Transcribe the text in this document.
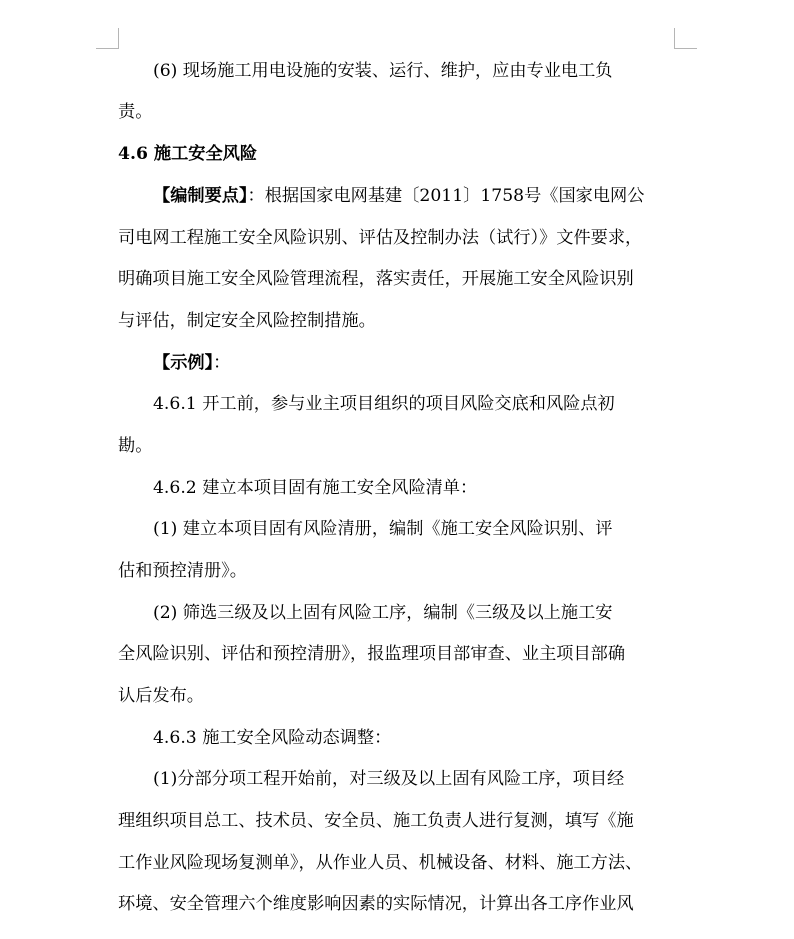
(6) 现场施工用电设施的安装、运行、维护，应由专业电工负
责。
4.6 施工安全风险
【编制要点】：根据国家电网基建〔2011〕1758号《国家电网公
司电网工程施工安全风险识别、评估及控制办法（试行）》文件要求，
明确项目施工安全风险管理流程，落实责任，开展施工安全风险识别
与评估，制定安全风险控制措施。
【示例】：
4.6.1 开工前，参与业主项目组织的项目风险交底和风险点初
勘。
4.6.2 建立本项目固有施工安全风险清单：
(1) 建立本项目固有风险清册，编制《施工安全风险识别、评
估和预控清册》。
(2) 筛选三级及以上固有风险工序，编制《三级及以上施工安
全风险识别、评估和预控清册》，报监理项目部审查、业主项目部确
认后发布。
4.6.3 施工安全风险动态调整：
(1)分部分项工程开始前，对三级及以上固有风险工序，项目经
理组织项目总工、技术员、安全员、施工负责人进行复测，填写《施
工作业风险现场复测单》，从作业人员、机械设备、材料、施工方法、
环境、安全管理六个维度影响因素的实际情况，计算出各工序作业风
